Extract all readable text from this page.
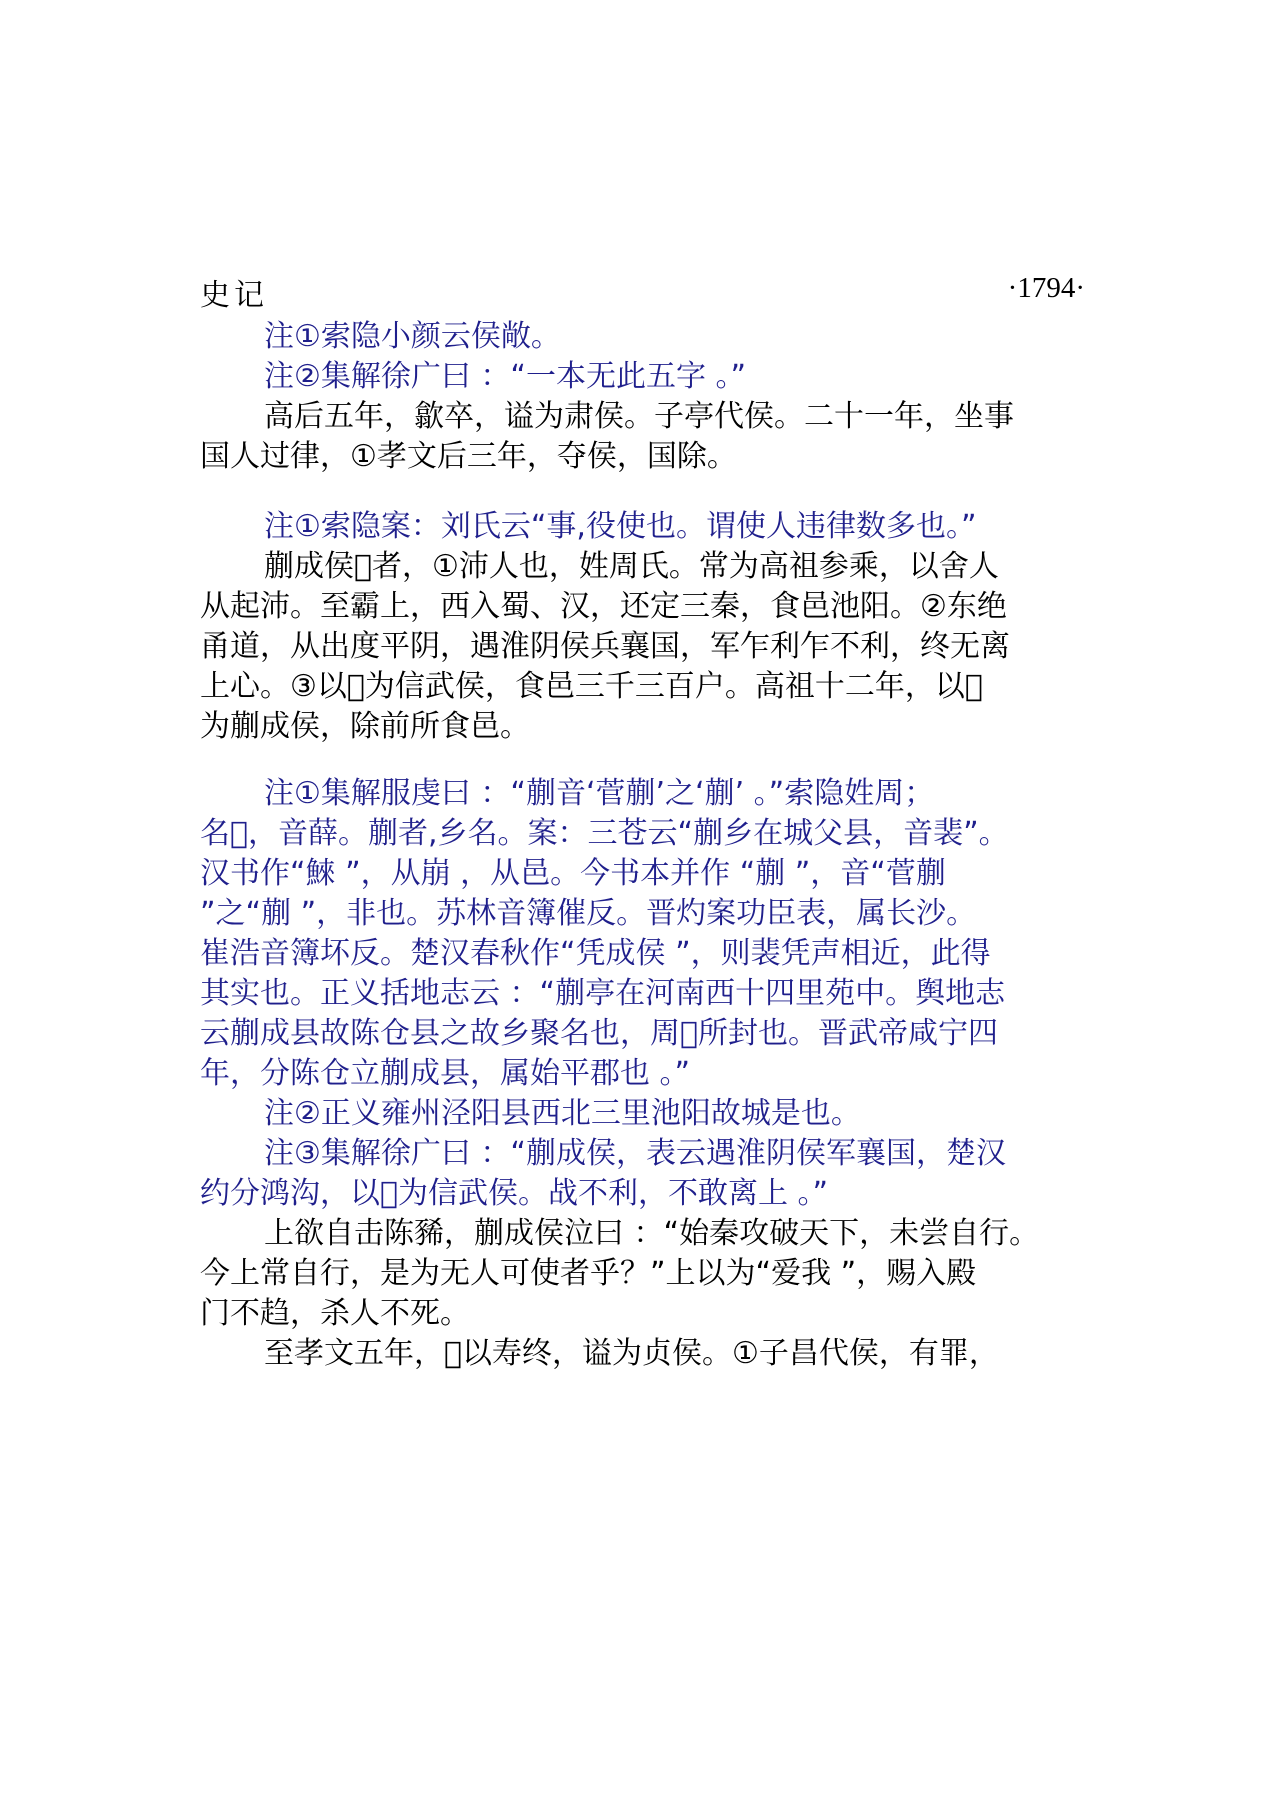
史记	·1794·
注①索隐小颜云侯敞。
注②集解徐广曰 ：“一本无此五字 。”
高后五年，歙卒，谥为肃侯。子亭代侯。二十一年，坐事
国人过律，①孝文后三年，夺侯，国除。
注①索隐案：刘氏云“事,役使也。谓使人违律数多也。”
蒯成侯𦅗者，①沛人也，姓周氏。常为高祖参乘，以舍人
从起沛。至霸上，西入蜀、汉，还定三秦，食邑池阳。②东绝
甬道，从出度平阴，遇淮阴侯兵襄国，军乍利乍不利，终无离
上心。③以𦅗为信武侯，食邑三千三百户。高祖十二年，以𦅗
为蒯成侯，除前所食邑。
注①集解服虔曰 ：“蒯音‘菅蒯’之‘蒯’ 。”索隐姓周；
名𦅗，音薛。蒯者,乡名。案：三苍云“蒯乡在城父县，音裴”。
汉书作“鯠 ”，从崩 ，从邑。今书本并作 “蒯 ”，音“菅蒯
”之“蒯 ”，非也。苏林音簿催反。晋灼案功臣表，属长沙。
崔浩音簿坏反。楚汉春秋作“凭成侯 ”，则裴凭声相近，此得
其实也。正义括地志云 ：“蒯亭在河南西十四里苑中。舆地志
云蒯成县故陈仓县之故乡聚名也，周𦅗所封也。晋武帝咸宁四
年，分陈仓立蒯成县，属始平郡也 。”
注②正义雍州泾阳县西北三里池阳故城是也。
注③集解徐广曰 ：“蒯成侯，表云遇淮阴侯军襄国，楚汉
约分鸿沟，以𦅗为信武侯。战不利，不敢离上 。”
上欲自击陈豨，蒯成侯泣曰 ：“始秦攻破天下，未尝自行。
今上常自行，是为无人可使者乎？”上以为“爱我 ”，赐入殿
门不趋，杀人不死。
至孝文五年，𦅗以寿终，谥为贞侯。①子昌代侯，有罪，
